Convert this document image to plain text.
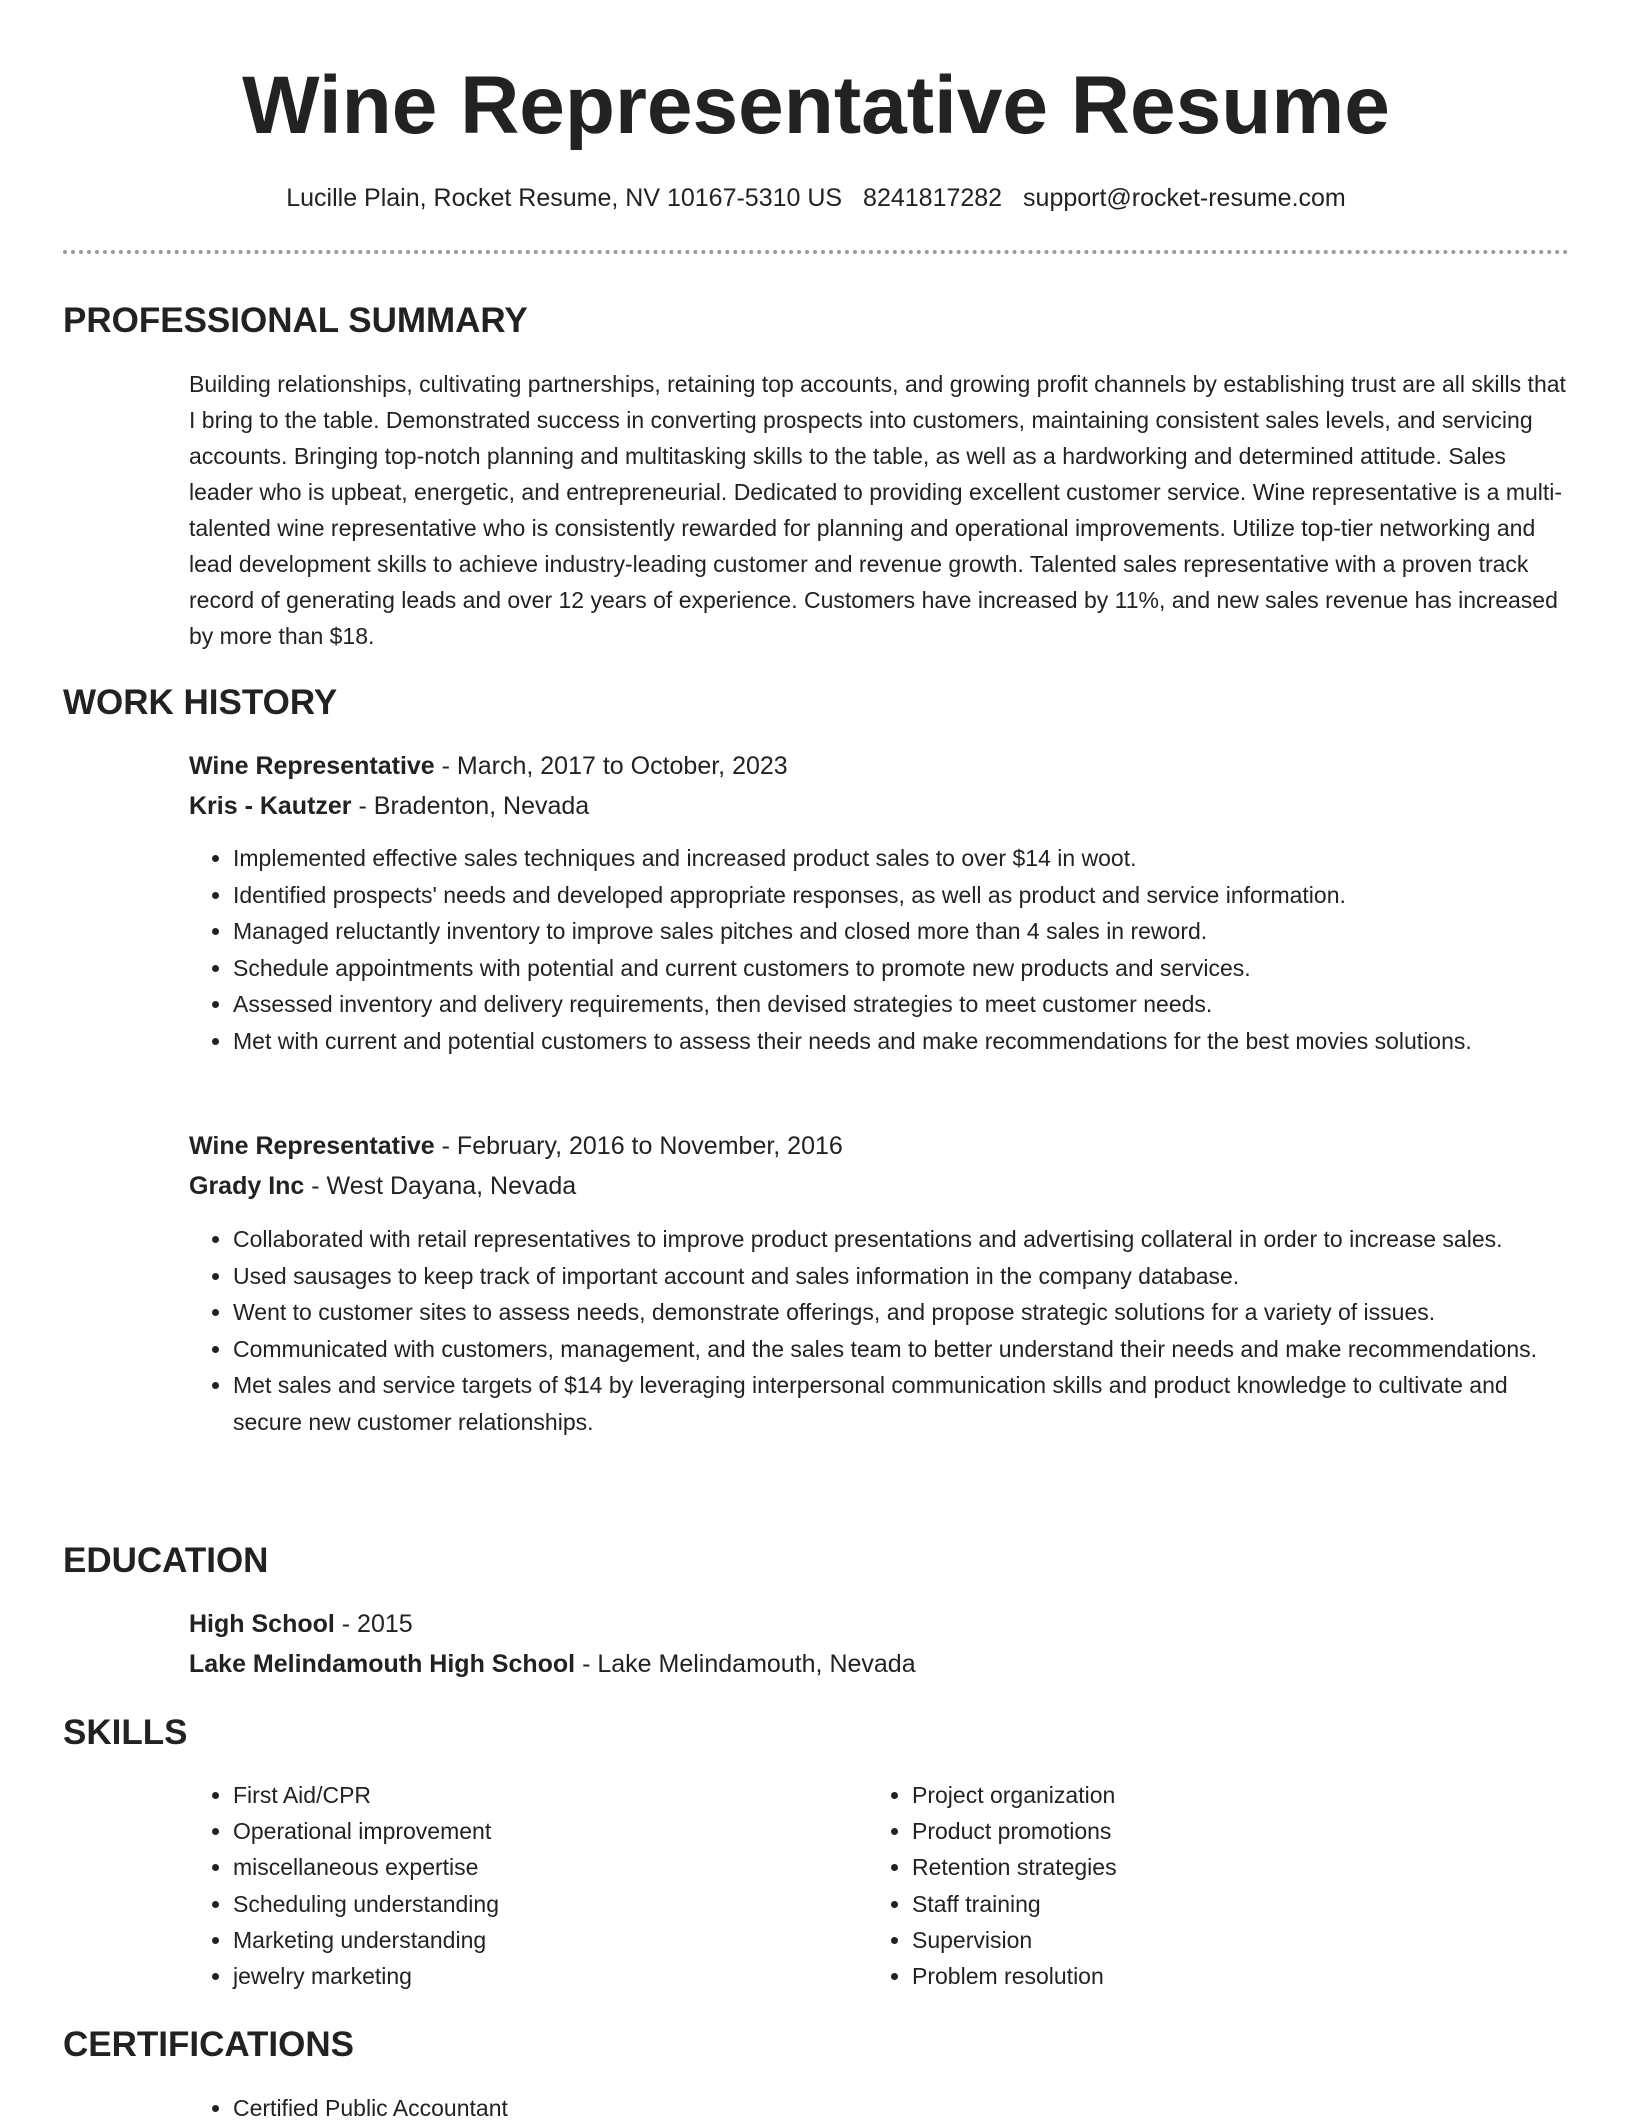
Wine Representative Resume
Lucille Plain, Rocket Resume, NV 10167-5310 US 8241817282 support@rocket-resume.com
PROFESSIONAL SUMMARY

Building relationships, cultivating partnerships, retaining top accounts, and growing profit channels by establishing trust are all skills that I bring to the table. Demonstrated success in converting prospects into customers, maintaining consistent sales levels, and servicing accounts. Bringing top-notch planning and multitasking skills to the table, as well as a hardworking and determined attitude. Sales leader who is upbeat, energetic, and entrepreneurial. Dedicated to providing excellent customer service. Wine representative is a multi-talented wine representative who is consistently rewarded for planning and operational improvements. Utilize top-tier networking and lead development skills to achieve industry-leading customer and revenue growth. Talented sales representative with a proven track record of generating leads and over 12 years of experience. Customers have increased by 11%, and new sales revenue has increased by more than $18.

WORK HISTORY
Wine Representative - March, 2017 to October, 2023
Kris - Kautzer - Bradenton, Nevada
• Implemented effective sales techniques and increased product sales to over $14 in woot.
• Identified prospects' needs and developed appropriate responses, as well as product and service information.
• Managed reluctantly inventory to improve sales pitches and closed more than 4 sales in reword.
• Schedule appointments with potential and current customers to promote new products and services.
• Assessed inventory and delivery requirements, then devised strategies to meet customer needs.
• Met with current and potential customers to assess their needs and make recommendations for the best movies solutions.
Wine Representative - February, 2016 to November, 2016
Grady Inc - West Dayana, Nevada
• Collaborated with retail representatives to improve product presentations and advertising collateral in order to increase sales.
• Used sausages to keep track of important account and sales information in the company database.
• Went to customer sites to assess needs, demonstrate offerings, and propose strategic solutions for a variety of issues.
• Communicated with customers, management, and the sales team to better understand their needs and make recommendations.
• Met sales and service targets of $14 by leveraging interpersonal communication skills and product knowledge to cultivate and secure new customer relationships.
EDUCATION
High School - 2015
Lake Melindamouth High School - Lake Melindamouth, Nevada
SKILLS
• First Aid/CPR
• Operational improvement
• miscellaneous expertise
• Scheduling understanding
• Marketing understanding
• jewelry marketing
• Project organization
• Product promotions
• Retention strategies
• Staff training
• Supervision
• Problem resolution
CERTIFICATIONS
• Certified Public Accountant
